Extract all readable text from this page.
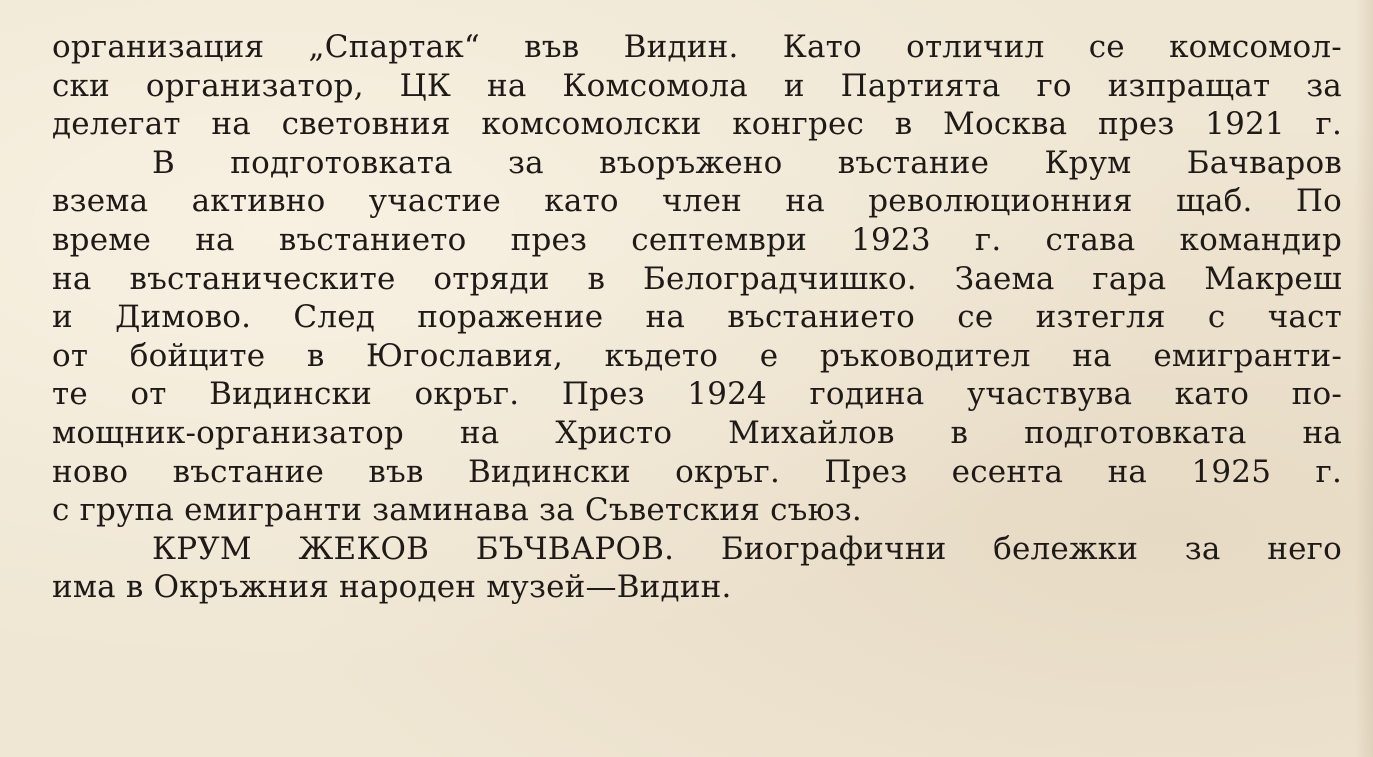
организация „Спартак“ във Видин. Като отличил се комсомол-
ски организатор, ЦК на Комсомола и Партията го изпращат за
делегат на световния комсомолски конгрес в Москва през 1921 г.
В подготовката за въоръжено въстание Крум Бачваров
взема активно участие като член на революционния щаб. По
време на въстанието през септември 1923 г. става командир
на въстаническите отряди в Белоградчишко. Заема гара Макреш
и Димово. След поражение на въстанието се изтегля с част
от бойците в Югославия, където е ръководител на емигранти-
те от Видински окръг. През 1924 година участвува като по-
мощник-организатор на Христо Михайлов в подготовката на
ново въстание във Видински окръг. През есента на 1925 г.
с група емигранти заминава за Съветския съюз.
КРУМ ЖЕКОВ БЪЧВАРОВ. Биографични бележки за него
има в Окръжния народен музей—Видин.
